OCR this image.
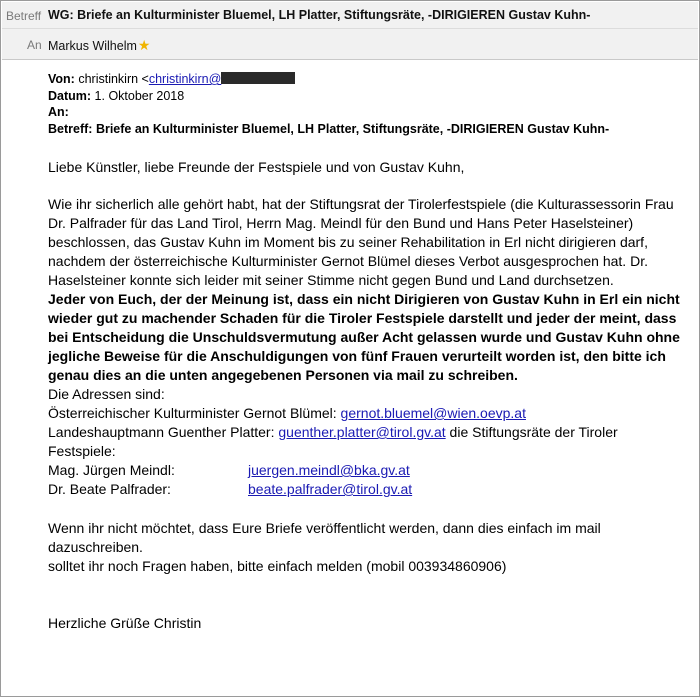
Betreff WG: Briefe an Kulturminister Bluemel, LH Platter, Stiftungsräte, -DIRIGIEREN Gustav Kuhn-
An Markus Wilhelm★
Von: christinkirn <christinkirn@
Datum: 1. Oktober 2018
An:
Betreff: Briefe an Kulturminister Bluemel, LH Platter, Stiftungsräte, -DIRIGIEREN Gustav Kuhn-
Liebe Künstler, liebe Freunde der Festspiele und von Gustav Kuhn,
Wie ihr sicherlich alle gehört habt, hat der Stiftungsrat der Tirolerfestspiele (die Kulturassessorin Frau Dr. Palfrader für das Land Tirol, Herrn Mag. Meindl für den Bund und Hans Peter Haselsteiner) beschlossen, das Gustav Kuhn im Moment bis zu seiner Rehabilitation in Erl nicht dirigieren darf, nachdem der österreichische Kulturminister Gernot Blümel dieses Verbot ausgesprochen hat. Dr. Haselsteiner konnte sich leider mit seiner Stimme nicht gegen Bund und Land durchsetzen.
Jeder von Euch, der der Meinung ist, dass ein nicht Dirigieren von Gustav Kuhn in Erl ein nicht wieder gut zu machender Schaden für die Tiroler Festspiele darstellt und jeder der meint, dass bei Entscheidung die Unschuldsvermutung außer Acht gelassen wurde und Gustav Kuhn ohne jegliche Beweise für die Anschuldigungen von fünf Frauen verurteilt worden ist, den bitte ich genau dies an die unten angegebenen Personen via mail zu schreiben.
Die Adressen sind:
Österreichischer Kulturminister Gernot Blümel: gernot.bluemel@wien.oevp.at
Landeshauptmann Guenther Platter: guenther.platter@tirol.gv.at die Stiftungsräte der Tiroler Festspiele:
Mag. Jürgen Meindl:	juergen.meindl@bka.gv.at
Dr. Beate Palfrader:	beate.palfrader@tirol.gv.at
Wenn ihr nicht möchtet, dass Eure Briefe veröffentlicht werden, dann dies einfach im mail dazuschreiben.
solltet ihr noch Fragen haben, bitte einfach melden (mobil 003934860906)
Herzliche Grüße Christin
